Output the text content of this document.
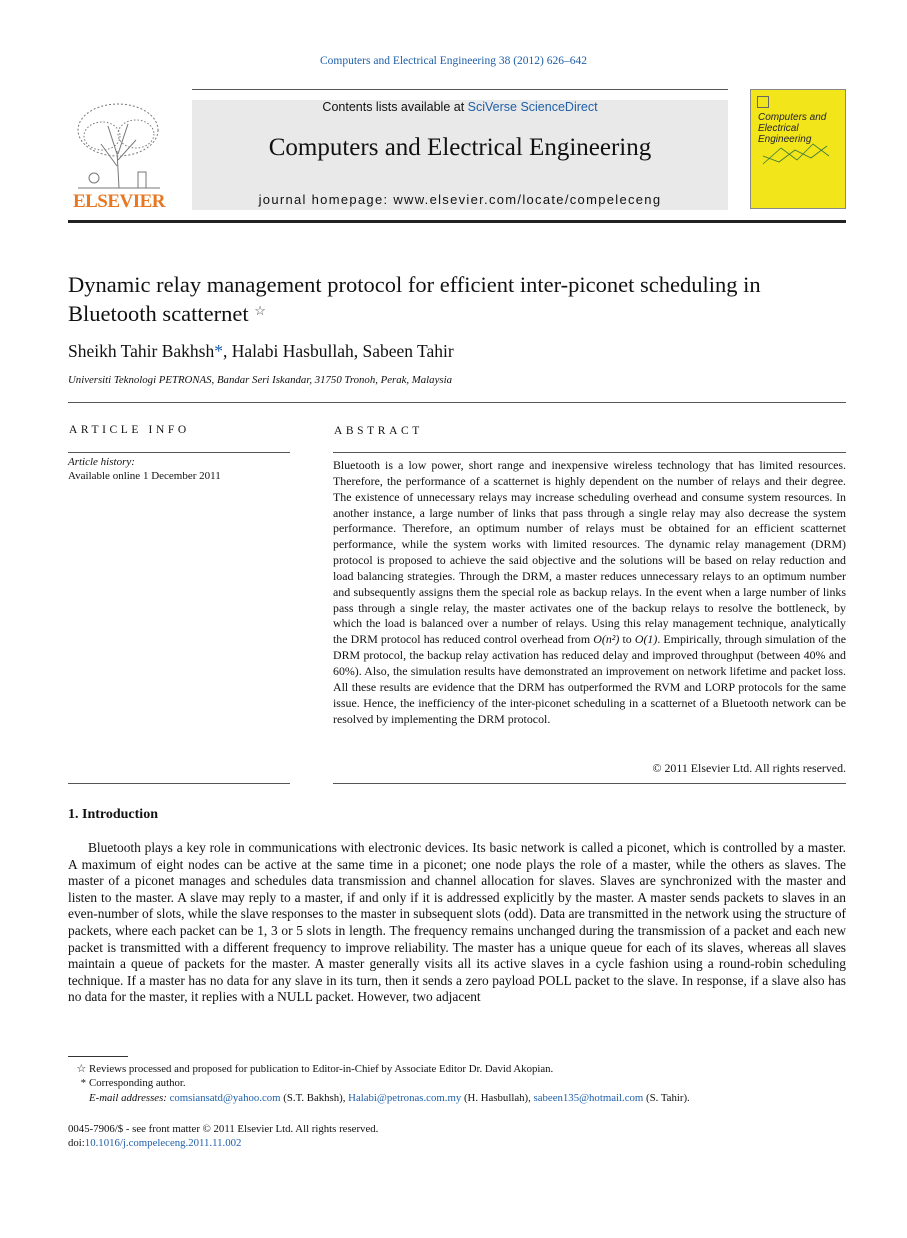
Computers and Electrical Engineering 38 (2012) 626–642
ELSEVIER
Contents lists available at SciVerse ScienceDirect
Computers and Electrical Engineering
journal homepage: www.elsevier.com/locate/compeleceng
Computers and Electrical Engineering
Dynamic relay management protocol for efficient inter-piconet scheduling in Bluetooth scatternet ☆
Sheikh Tahir Bakhsh*, Halabi Hasbullah, Sabeen Tahir
Universiti Teknologi PETRONAS, Bandar Seri Iskandar, 31750 Tronoh, Perak, Malaysia
ARTICLE INFO
Article history:
Available online 1 December 2011
ABSTRACT
Bluetooth is a low power, short range and inexpensive wireless technology that has limited resources. Therefore, the performance of a scatternet is highly dependent on the number of relays and their degree. The existence of unnecessary relays may increase scheduling overhead and consume system resources. In another instance, a large number of links that pass through a single relay may also decrease the system performance. Therefore, an optimum number of relays must be obtained for an efficient scatternet performance, while the system works with limited resources. The dynamic relay management (DRM) protocol is proposed to achieve the said objective and the solutions will be based on relay reduction and load balancing strategies. Through the DRM, a master reduces unnecessary relays to an optimum number and subsequently assigns them the special role as backup relays. In the event when a large number of links pass through a single relay, the master activates one of the backup relays to resolve the bottleneck, by which the load is balanced over a number of relays. Using this relay management technique, analytically the DRM protocol has reduced control overhead from O(n²) to O(1). Empirically, through simulation of the DRM protocol, the backup relay activation has reduced delay and improved throughput (between 40% and 60%). Also, the simulation results have demonstrated an improvement on network lifetime and packet loss. All these results are evidence that the DRM has outperformed the RVM and LORP protocols for the same issue. Hence, the inefficiency of the inter-piconet scheduling in a scatternet of a Bluetooth network can be resolved by implementing the DRM protocol.
© 2011 Elsevier Ltd. All rights reserved.
1. Introduction
Bluetooth plays a key role in communications with electronic devices. Its basic network is called a piconet, which is controlled by a master. A maximum of eight nodes can be active at the same time in a piconet; one node plays the role of a master, while the others as slaves. The master of a piconet manages and schedules data transmission and channel allocation for slaves. Slaves are synchronized with the master and listen to the master. A slave may reply to a master, if and only if it is addressed explicitly by the master. A master sends packets to slaves in an even-number of slots, while the slave responses to the master in subsequent slots (odd). Data are transmitted in the network using the structure of packets, where each packet can be 1, 3 or 5 slots in length. The frequency remains unchanged during the transmission of a packet and each new packet is transmitted with a different frequency to improve reliability. The master has a unique queue for each of its slaves, whereas all slaves maintain a queue of packets for the master. A master generally visits all its active slaves in a cycle fashion using a round-robin scheduling technique. If a master has no data for any slave in its turn, then it sends a zero payload POLL packet to the slave. In response, if a slave also has no data for the master, it replies with a NULL packet. However, two adjacent
☆ Reviews processed and proposed for publication to Editor-in-Chief by Associate Editor Dr. David Akopian.
* Corresponding author.
E-mail addresses: comsiansatd@yahoo.com (S.T. Bakhsh), Halabi@petronas.com.my (H. Hasbullah), sabeen135@hotmail.com (S. Tahir).
0045-7906/$ - see front matter © 2011 Elsevier Ltd. All rights reserved.
doi:10.1016/j.compeleceng.2011.11.002
